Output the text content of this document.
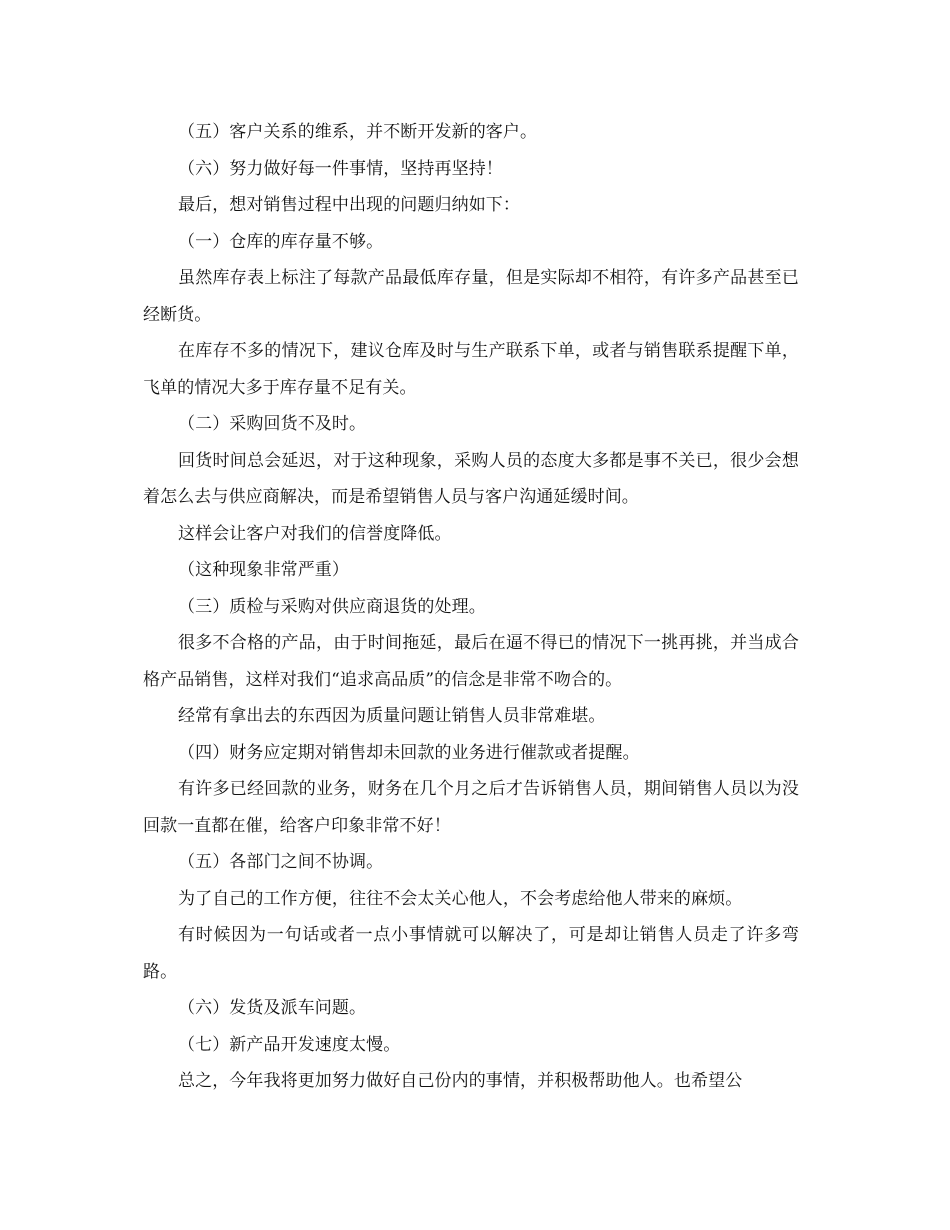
（五）客户关系的维系，并不断开发新的客户。

（六）努力做好每一件事情，坚持再坚持！

最后，想对销售过程中出现的问题归纳如下：

（一）仓库的库存量不够。

虽然库存表上标注了每款产品最低库存量，但是实际却不相符，有许多产品甚至已经断货。

在库存不多的情况下，建议仓库及时与生产联系下单，或者与销售联系提醒下单，飞单的情况大多于库存量不足有关。

（二）采购回货不及时。

回货时间总会延迟，对于这种现象，采购人员的态度大多都是事不关已，很少会想着怎么去与供应商解决，而是希望销售人员与客户沟通延缓时间。

这样会让客户对我们的信誉度降低。

（这种现象非常严重）

（三）质检与采购对供应商退货的处理。

很多不合格的产品，由于时间拖延，最后在逼不得已的情况下一挑再挑，并当成合格产品销售，这样对我们“追求高品质”的信念是非常不吻合的。

经常有拿出去的东西因为质量问题让销售人员非常难堪。

（四）财务应定期对销售却未回款的业务进行催款或者提醒。

有许多已经回款的业务，财务在几个月之后才告诉销售人员，期间销售人员以为没回款一直都在催，给客户印象非常不好！

（五）各部门之间不协调。

为了自己的工作方便，往往不会太关心他人，不会考虑给他人带来的麻烦。

有时候因为一句话或者一点小事情就可以解决了，可是却让销售人员走了许多弯路。

（六）发货及派车问题。

（七）新产品开发速度太慢。

总之，今年我将更加努力做好自己份内的事情，并积极帮助他人。也希望公
